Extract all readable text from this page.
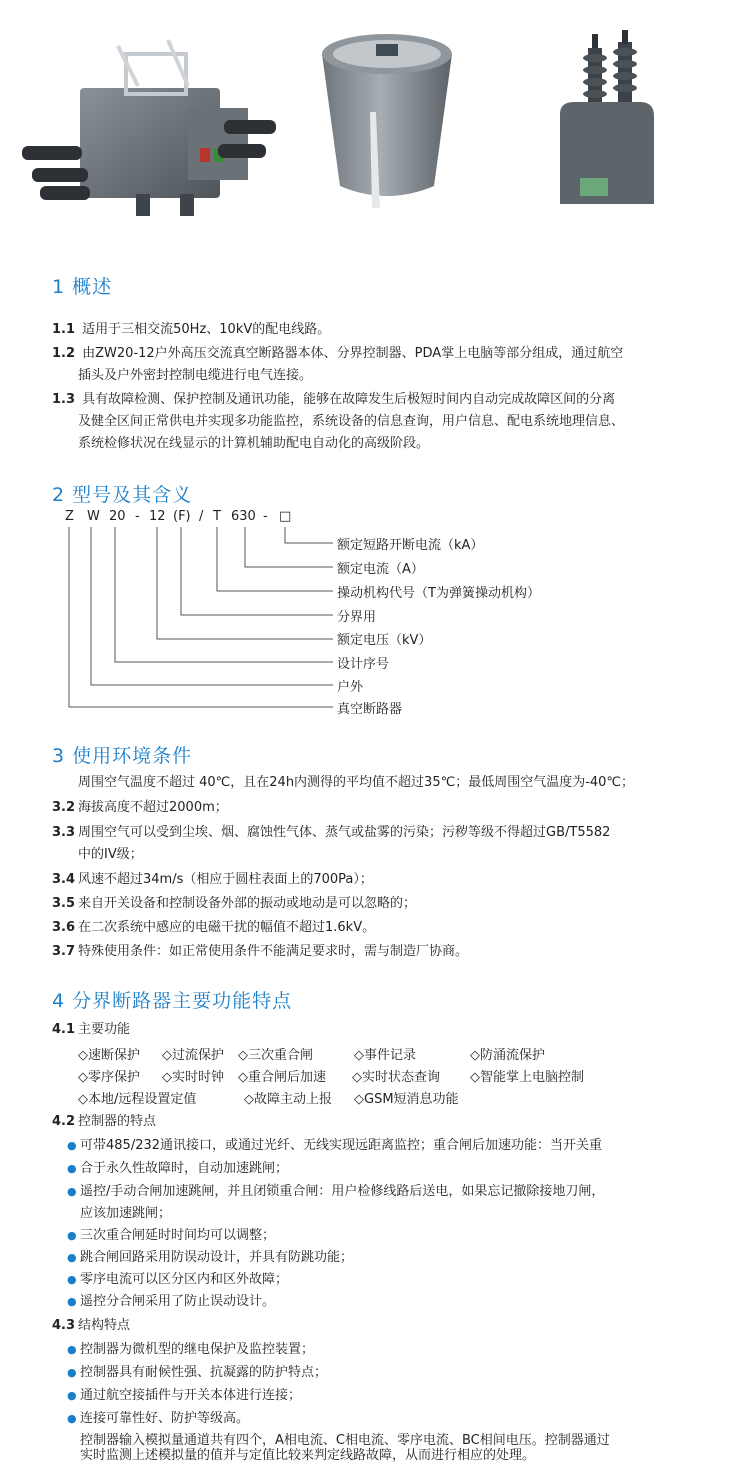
1 概述
1.1 适用于三相交流50Hz、10kV的配电线路。
1.2 由ZW20-12户外高压交流真空断路器本体、分界控制器、PDA掌上电脑等部分组成，通过航空
插头及户外密封控制电缆进行电气连接。
1.3 具有故障检测、保护控制及通讯功能，能够在故障发生后极短时间内自动完成故障区间的分离
及健全区间正常供电并实现多功能监控，系统设备的信息查询，用户信息、配电系统地理信息、
系统检修状况在线显示的计算机辅助配电自动化的高级阶段。
2 型号及其含义
Z W 20 - 12 (F) / T 630 - □
额定短路开断电流（kA）
额定电流（A）
操动机构代号（T为弹簧操动机构）
分界用
额定电压（kV）
设计序号
户外
真空断路器
3 使用环境条件
周围空气温度不超过 40℃，且在24h内测得的平均值不超过35℃；最低周围空气温度为-40℃；
3.2 海拔高度不超过2000m；
3.3 周围空气可以受到尘埃、烟、腐蚀性气体、蒸气或盐雾的污染；污秽等级不得超过GB/T5582
中的IV级；
3.4 风速不超过34m/s（相应于圆柱表面上的700Pa）；
3.5 来自开关设备和控制设备外部的振动或地动是可以忽略的；
3.6 在二次系统中感应的电磁干扰的幅值不超过1.6kV。
3.7 特殊使用条件：如正常使用条件不能满足要求时，需与制造厂协商。
4 分界断路器主要功能特点
4.1 主要功能
◇速断保护 ◇过流保护 ◇三次重合闸	◇事件记录	◇防涌流保护
◇零序保护 ◇实时时钟 ◇重合闸后加速 ◇实时状态查询 ◇智能掌上电脑控制
◇本地/远程设置定值	◇故障主动上报 ◇GSM短消息功能
4.2 控制器的特点
● 可带485/232通讯接口，或通过光纤、无线实现远距离监控；重合闸后加速功能：当开关重
● 合于永久性故障时，自动加速跳闸；
● 遥控/手动合闸加速跳闸，并且闭锁重合闸：用户检修线路后送电，如果忘记撤除接地刀闸，
应该加速跳闸；
● 三次重合闸延时时间均可以调整；
● 跳合闸回路采用防误动设计，并具有防跳功能；
● 零序电流可以区分区内和区外故障；
● 遥控分合闸采用了防止误动设计。
4.3 结构特点
● 控制器为微机型的继电保护及监控装置；
● 控制器具有耐候性强、抗凝露的防护特点；
● 通过航空接插件与开关本体进行连接；
● 连接可靠性好、防护等级高。
控制器输入模拟量通道共有四个，A相电流、C相电流、零序电流、BC相间电压。控制器通过
实时监测上述模拟量的值并与定值比较来判定线路故障，从而进行相应的处理。
